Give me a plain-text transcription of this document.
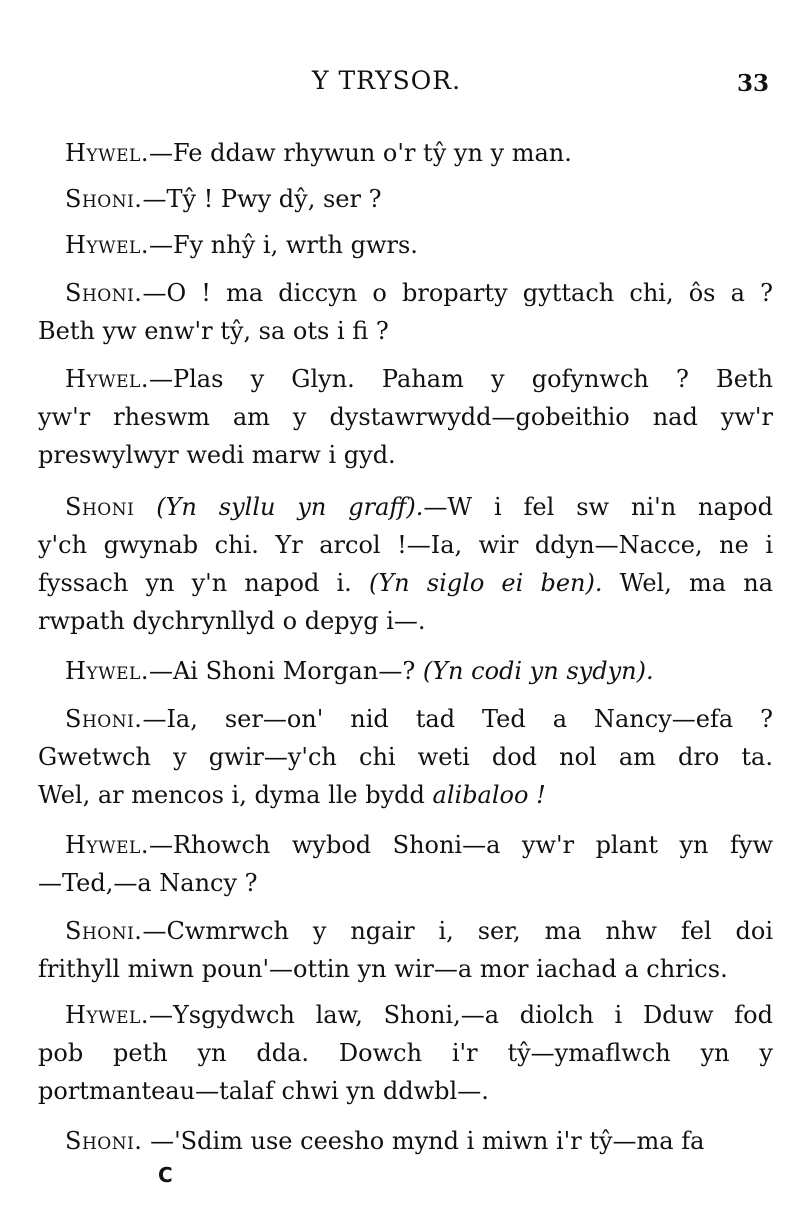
Y TRYSOR.	33

Hywel.—Fe ddaw rhywun o'r tŷ yn y man.

Shoni.—Tŷ ! Pwy dŷ, ser ?

Hywel.—Fy nhŷ i, wrth gwrs.

Shoni.—O ! ma diccyn o broparty gyttach chi, ôs a ?
Beth yw enw'r tŷ, sa ots i fi ?

Hywel.—Plas y Glyn. Paham y gofynwch ? Beth
yw'r rheswm am y dystawrwydd—gobeithio nad yw'r
preswylwyr wedi marw i gyd.

Shoni (Yn syllu yn graff).—W i fel sw ni'n napod
y'ch gwynab chi. Yr arcol !—Ia, wir ddyn—Nacce, ne i
fyssach yn y'n napod i. (Yn siglo ei ben). Wel, ma na
rwpath dychrynllyd o depyg i—.

Hywel.—Ai Shoni Morgan—? (Yn codi yn sydyn).

Shoni.—Ia, ser—on' nid tad Ted a Nancy—efa ?
Gwetwch y gwir—y'ch chi weti dod nol am dro ta.
Wel, ar mencos i, dyma lle bydd alibaloo !

Hywel.—Rhowch wybod Shoni—a yw'r plant yn fyw
—Ted,—a Nancy ?

Shoni.—Cwmrwch y ngair i, ser, ma nhw fel doi
frithyll miwn poun'—ottin yn wir—a mor iachad a chrics.

Hywel.—Ysgydwch law, Shoni,—a diolch i Dduw fod
pob peth yn dda. Dowch i'r tŷ—ymaflwch yn y
portmanteau—talaf chwi yn ddwbl—.

Shoni. —'Sdim use ceesho mynd i miwn i'r tŷ—ma fa

C
